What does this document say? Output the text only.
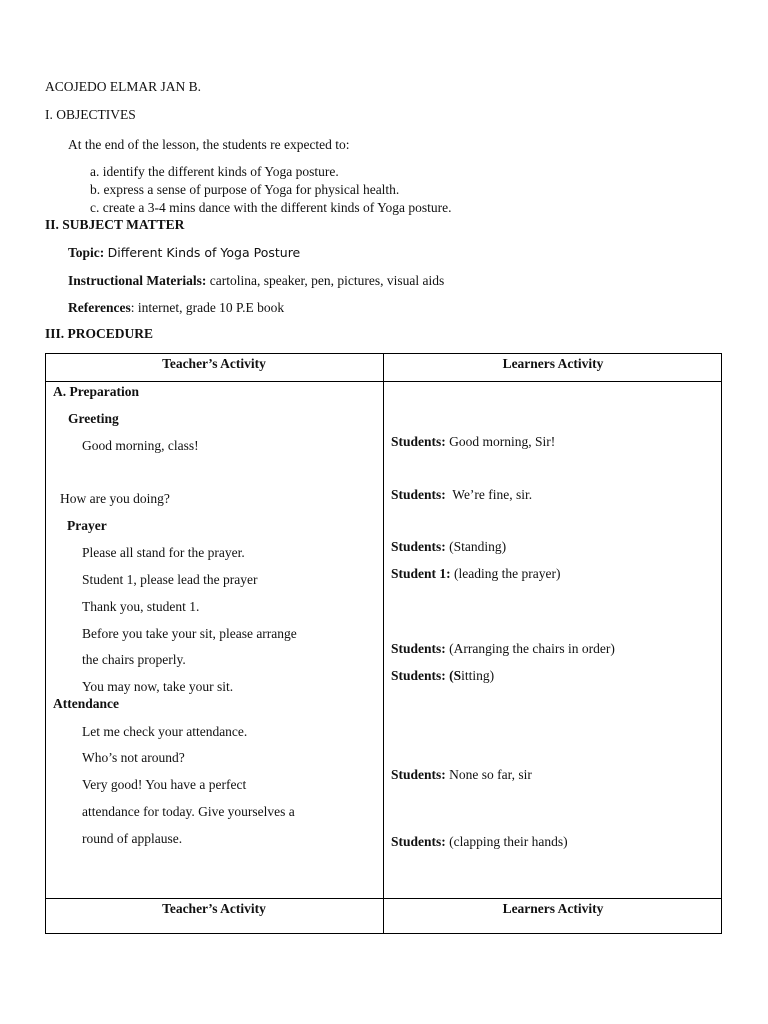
ACOJEDO ELMAR JAN B.
I. OBJECTIVES
At the end of the lesson, the students re expected to:
a. identify the different kinds of Yoga posture.
b. express a sense of purpose of Yoga for physical health.
c. create a 3-4 mins dance with the different kinds of Yoga posture.
II. SUBJECT MATTER
Topic: Different Kinds of Yoga Posture
Instructional Materials: cartolina, speaker, pen, pictures, visual aids
References: internet, grade 10 P.E book
III. PROCEDURE
Teacher’s Activity	Learners Activity
A. Preparation
Greeting
Good morning, class!
How are you doing?
Prayer
Please all stand for the prayer.
Student 1, please lead the prayer
Thank you, student 1.
Before you take your sit, please arrange
the chairs properly.
You may now, take your sit.
Attendance
Let me check your attendance.
Who’s not around?
Very good! You have a perfect
attendance for today. Give yourselves a
round of applause.
Students: Good morning, Sir!
Students: We’re fine, sir.
Students: (Standing)
Student 1: (leading the prayer)
Students: (Arranging the chairs in order)
Students: (Sitting)
Students: None so far, sir
Students: (clapping their hands)
Teacher’s Activity	Learners Activity
